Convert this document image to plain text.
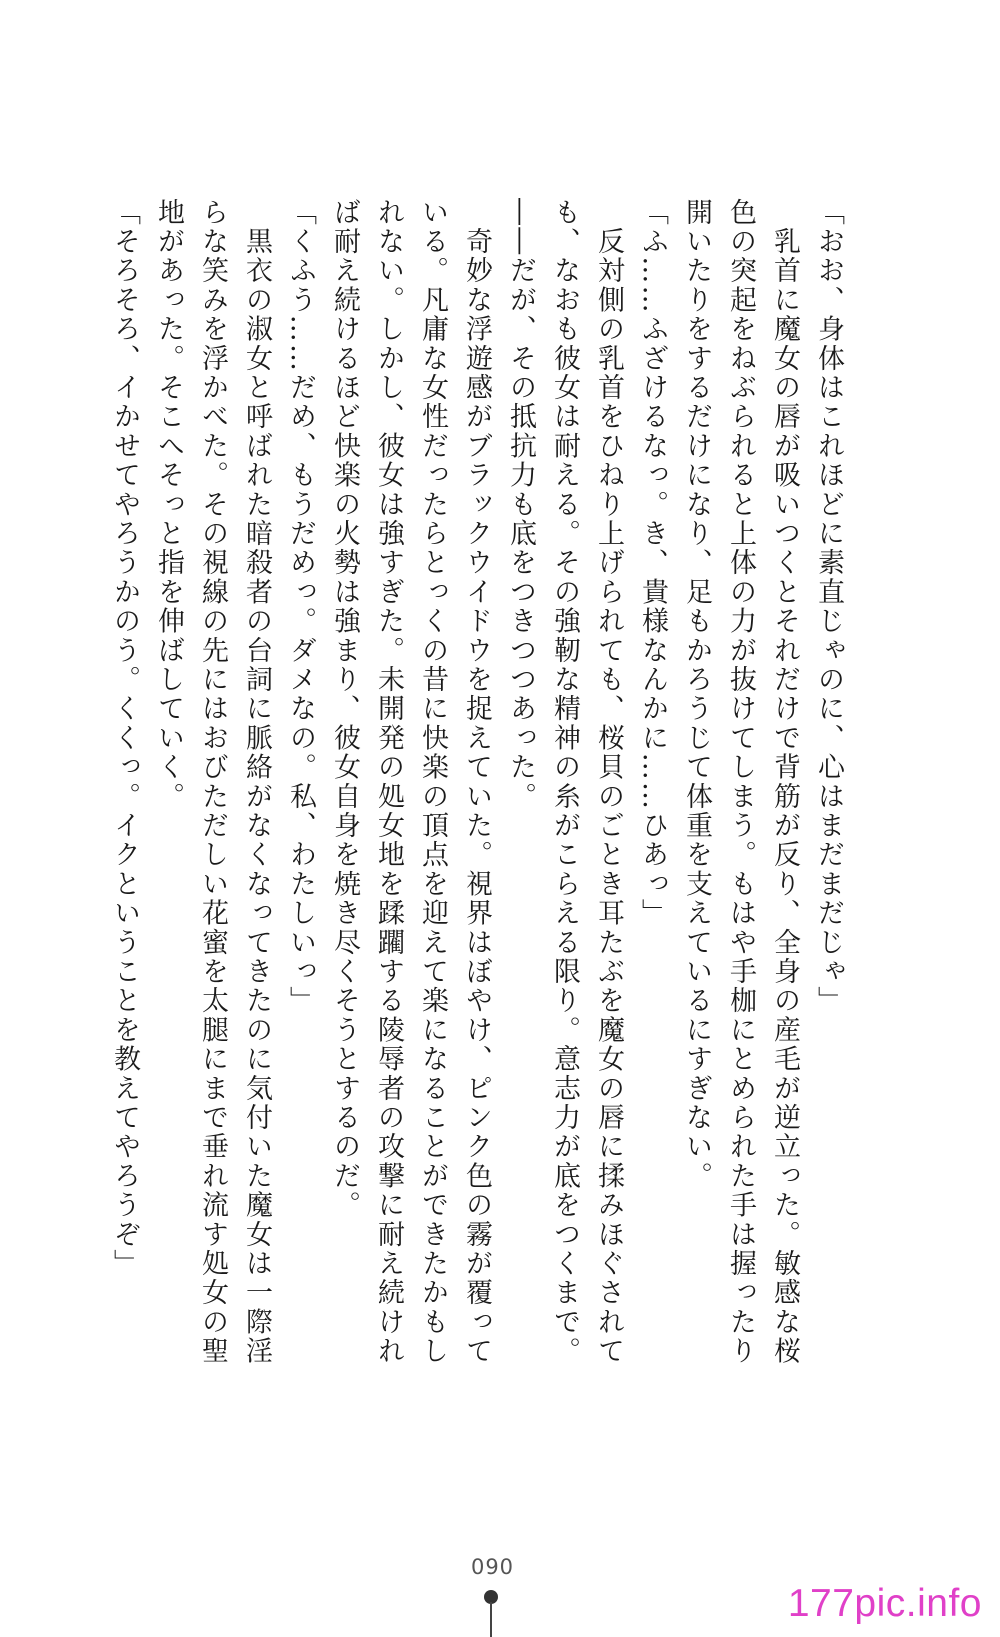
「おお、身体はこれほどに素直じゃのに、心はまだまだじゃ」

　乳首に魔女の唇が吸いつくとそれだけで背筋が反り、全身の産毛が逆立った。敏感な桜

色の突起をねぶられると上体の力が抜けてしまう。もはや手枷にとめられた手は握ったり

開いたりをするだけになり、足もかろうじて体重を支えているにすぎない。

「ふ……ふざけるなっ。き、貴様なんかに……ひあっ」

　反対側の乳首をひねり上げられても、桜貝のごとき耳たぶを魔女の唇に揉みほぐされて

も、なおも彼女は耐える。その強靭な精神の糸がこらえる限り。意志力が底をつくまで。

――だが、その抵抗力も底をつきつつあった。

　奇妙な浮遊感がブラックウイドウを捉えていた。視界はぼやけ、ピンク色の霧が覆って

いる。凡庸な女性だったらとっくの昔に快楽の頂点を迎えて楽になることができたかもし

れない。しかし、彼女は強すぎた。未開発の処女地を蹂躙する陵辱者の攻撃に耐え続けれ

ば耐え続けるほど快楽の火勢は強まり、彼女自身を焼き尽くそうとするのだ。

「くふう……だめ、もうだめっ。ダメなの。私、わたしいっ」

　黒衣の淑女と呼ばれた暗殺者の台詞に脈絡がなくなってきたのに気付いた魔女は一際淫

らな笑みを浮かべた。その視線の先にはおびただしい花蜜を太腿にまで垂れ流す処女の聖

地があった。そこへそっと指を伸ばしていく。

「そろそろ、イかせてやろうかのう。くくっ。イクということを教えてやろうぞ」

090
177pic.info
